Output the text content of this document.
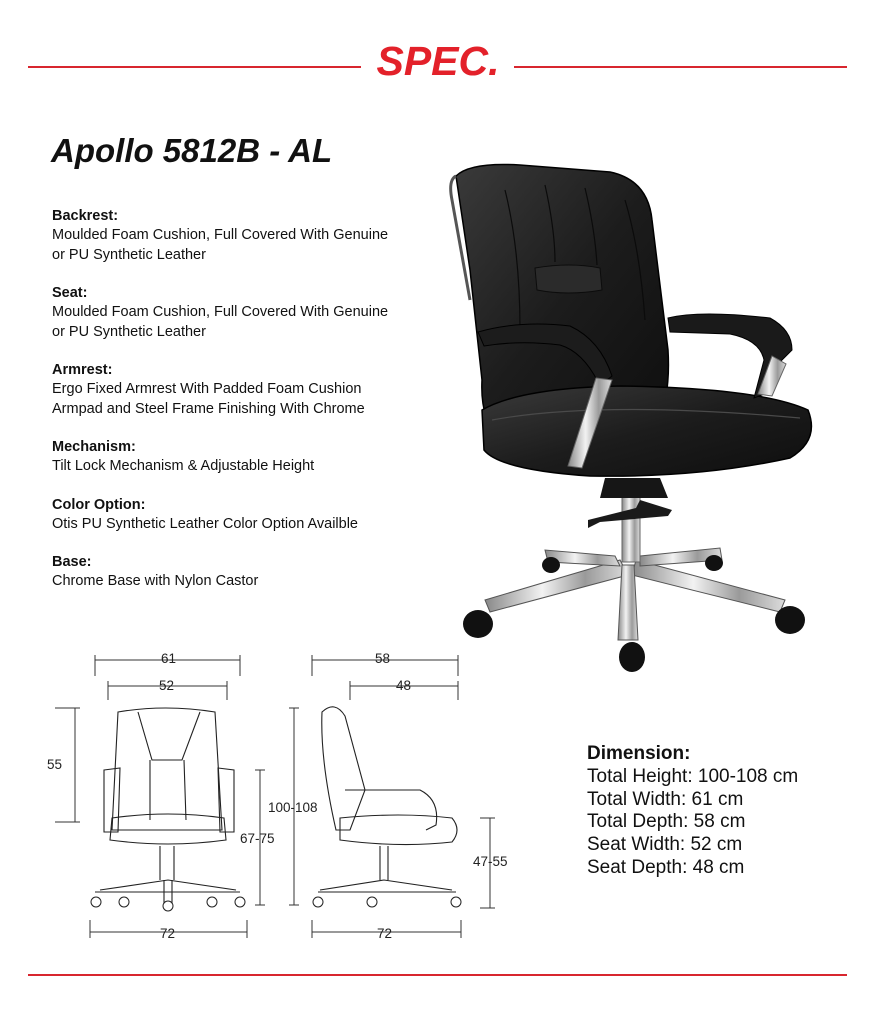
SPEC.
Apollo 5812B - AL
Backrest:
Moulded Foam Cushion, Full Covered With Genuine
or PU Synthetic Leather
Seat:
Moulded Foam Cushion, Full Covered With Genuine
or PU Synthetic Leather
Armrest:
Ergo Fixed Armrest With Padded Foam Cushion
Armpad and Steel Frame Finishing With Chrome
Mechanism:
Tilt Lock Mechanism & Adjustable Height
Color Option:
Otis PU Synthetic Leather Color Option Availble
Base:
Chrome Base with Nylon Castor
61
52
55
67-75
72
58
48
100-108
47-55
72
Dimension:
Total Height: 100-108 cm
Total Width: 61 cm
Total Depth: 58 cm
Seat Width: 52 cm
Seat Depth: 48 cm
